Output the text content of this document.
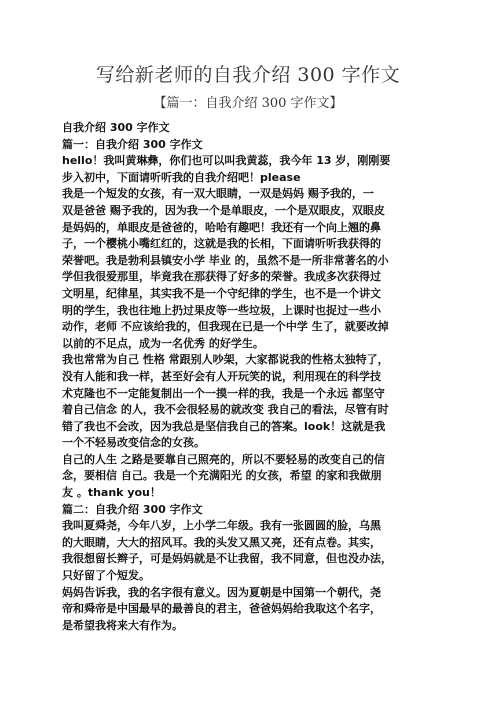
写给新老师的自我介绍 300 字作文
【篇一：自我介绍 300 字作文】
自我介绍 300 字作文
篇一：自我介绍 300 字作文
hello！我叫黄琳彝，你们也可以叫我黄蕊，我今年 13 岁，刚刚要
步入初中，下面请听听我的自我介绍吧！please
我是一个短发的女孩，有一双大眼睛，一双是妈妈 赐予我的，一
双是爸爸 赐予我的，因为我一个是单眼皮，一个是双眼皮，双眼皮
是妈妈的，单眼皮是爸爸的，哈哈有趣吧！我还有一个向上翘的鼻
子，一个樱桃小嘴红红的，这就是我的长相，下面请听听我获得的
荣誉吧。我是勃利县镇安小学 毕业 的，虽然不是一所非常著名的小
学但我很爱那里，毕竟我在那获得了好多的荣誉。我成多次获得过
文明星，纪律星，其实我不是一个守纪律的学生，也不是一个讲文
明的学生，我也往地上扔过果皮等一些垃圾，上课时也捉过一些小
动作，老师 不应该给我的，但我现在已是一个中学 生了，就要改掉
以前的不足点，成为一名优秀 的好学生。
我也常常为自己 性格 常跟别人吵架，大家都说我的性格太独特了，
没有人能和我一样，甚至好会有人开玩笑的说，利用现在的科学技
术克隆也不一定能复制出一个一摸一样的我，我是一个永远 都坚守
着自己信念 的人，我不会很轻易的就改变 我自己的看法，尽管有时
错了我也不会改，因为我总是坚信我自己的答案。look！这就是我
一个不轻易改变信念的女孩。
自己的人生 之路是要靠自己照亮的，所以不要轻易的改变自己的信
念，要相信 自己。我是一个充满阳光 的女孩，希望 的家和我做朋
友 。thank you！
篇二：自我介绍 300 字作文
我叫夏舜尧，今年八岁，上小学二年级。我有一张圆圆的脸，乌黑
的大眼睛，大大的招风耳。我的头发又黑又亮，还有点卷。其实，
我很想留长辫子，可是妈妈就是不让我留，我不同意，但也没办法，
只好留了个短发。
妈妈告诉我，我的名字很有意义。因为夏朝是中国第一个朝代，尧
帝和舜帝是中国最早的最善良的君主，爸爸妈妈给我取这个名字，
是希望我将来大有作为。
